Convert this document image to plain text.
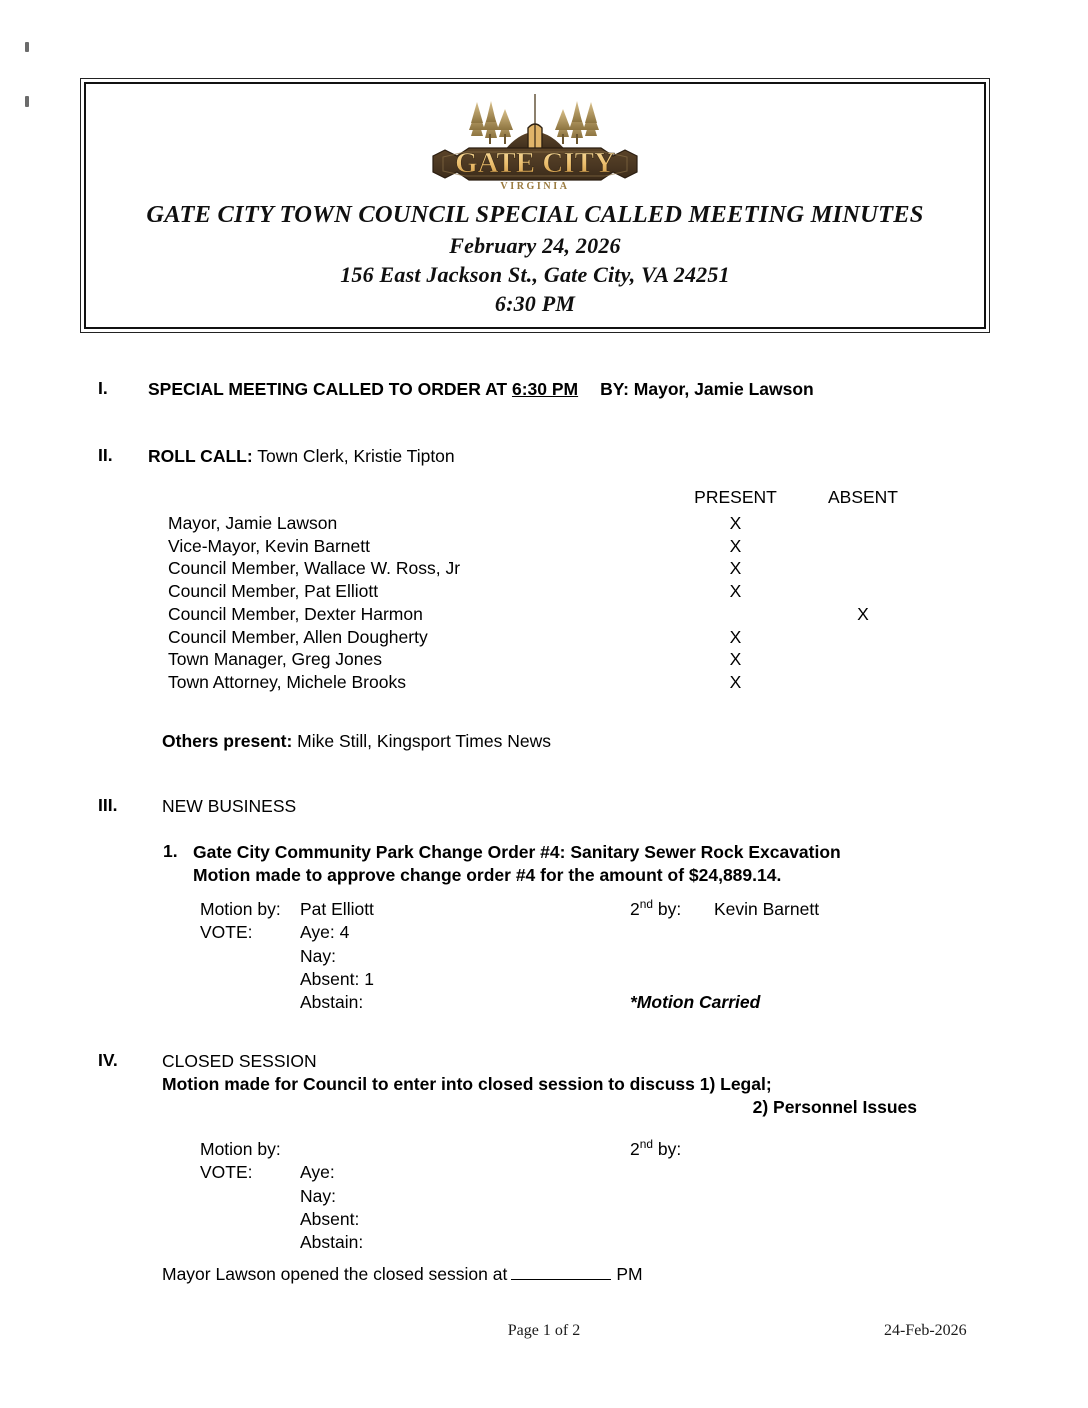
GATE CITY
VIRGINIA
GATE CITY TOWN COUNCIL SPECIAL CALLED MEETING MINUTES
February 24, 2026
156 East Jackson St., Gate City, VA 24251
6:30 PM
I. SPECIAL MEETING CALLED TO ORDER AT 6:30 PM BY: Mayor, Jamie Lawson
II. ROLL CALL: Town Clerk, Kristie Tipton
	PRESENT	ABSENT
Mayor, Jamie Lawson	X	
Vice-Mayor, Kevin Barnett	X	
Council Member, Wallace W. Ross, Jr	X	
Council Member, Pat Elliott	X	
Council Member, Dexter Harmon		X
Council Member, Allen Dougherty	X	
Town Manager, Greg Jones	X	
Town Attorney, Michele Brooks	X	
Others present: Mike Still, Kingsport Times News
III.	NEW BUSINESS
1. Gate City Community Park Change Order #4: Sanitary Sewer Rock Excavation
Motion made to approve change order #4 for the amount of $24,889.14.
Motion by:	Pat Elliott	2nd by:	Kevin Barnett
VOTE:	Aye: 4
Nay:
Absent: 1
Abstain:	*Motion Carried
IV.	CLOSED SESSION
Motion made for Council to enter into closed session to discuss 1) Legal;
2) Personnel Issues
Motion by:	2nd by:
VOTE:	Aye:
Nay:
Absent:
Abstain:
Mayor Lawson opened the closed session at	PM
Page 1 of 2	24-Feb-2026
